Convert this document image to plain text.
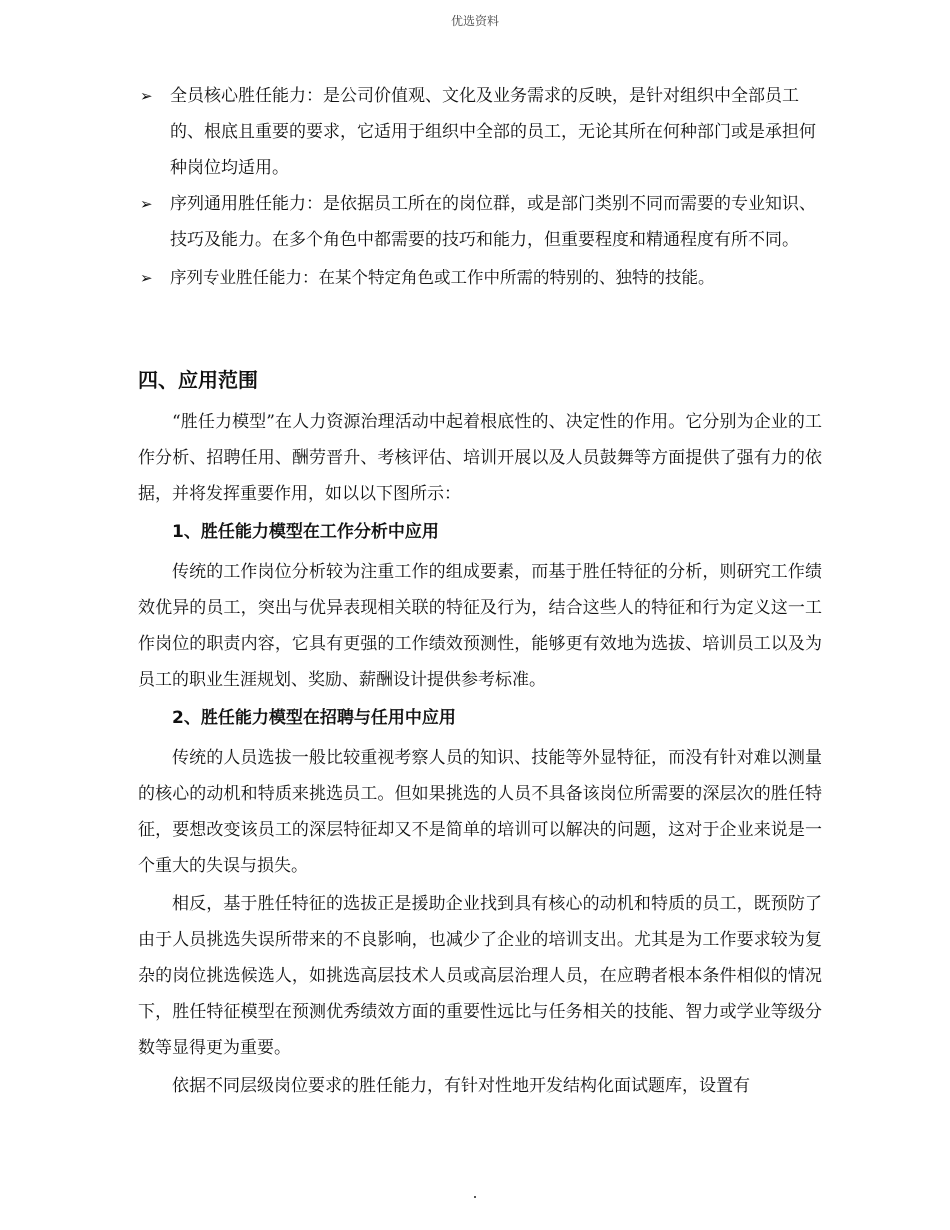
优选资料
➢	全员核心胜任能力：是公司价值观、文化及业务需求的反映，是针对组织中全部员工的、根底且重要的要求，它适用于组织中全部的员工，无论其所在何种部门或是承担何种岗位均适用。
➢	序列通用胜任能力：是依据员工所在的岗位群，或是部门类别不同而需要的专业知识、技巧及能力。在多个角色中都需要的技巧和能力，但重要程度和精通程度有所不同。
➢	序列专业胜任能力：在某个特定角色或工作中所需的特别的、独特的技能。
四、应用范围

“胜任力模型”在人力资源治理活动中起着根底性的、决定性的作用。它分别为企业的工作分析、招聘任用、酬劳晋升、考核评估、培训开展以及人员鼓舞等方面提供了强有力的依据，并将发挥重要作用，如以以下图所示：

1、胜任能力模型在工作分析中应用

传统的工作岗位分析较为注重工作的组成要素，而基于胜任特征的分析，则研究工作绩效优异的员工，突出与优异表现相关联的特征及行为，结合这些人的特征和行为定义这一工作岗位的职责内容，它具有更强的工作绩效预测性，能够更有效地为选拔、培训员工以及为员工的职业生涯规划、奖励、薪酬设计提供参考标准。

2、胜任能力模型在招聘与任用中应用

传统的人员选拔一般比较重视考察人员的知识、技能等外显特征，而没有针对难以测量的核心的动机和特质来挑选员工。但如果挑选的人员不具备该岗位所需要的深层次的胜任特征，要想改变该员工的深层特征却又不是简单的培训可以解决的问题，这对于企业来说是一个重大的失误与损失。

相反，基于胜任特征的选拔正是援助企业找到具有核心的动机和特质的员工，既预防了由于人员挑选失误所带来的不良影响，也减少了企业的培训支出。尤其是为工作要求较为复杂的岗位挑选候选人，如挑选高层技术人员或高层治理人员，在应聘者根本条件相似的情况下，胜任特征模型在预测优秀绩效方面的重要性远比与任务相关的技能、智力或学业等级分数等显得更为重要。

依据不同层级岗位要求的胜任能力，有针对性地开发结构化面试题库，设置有
